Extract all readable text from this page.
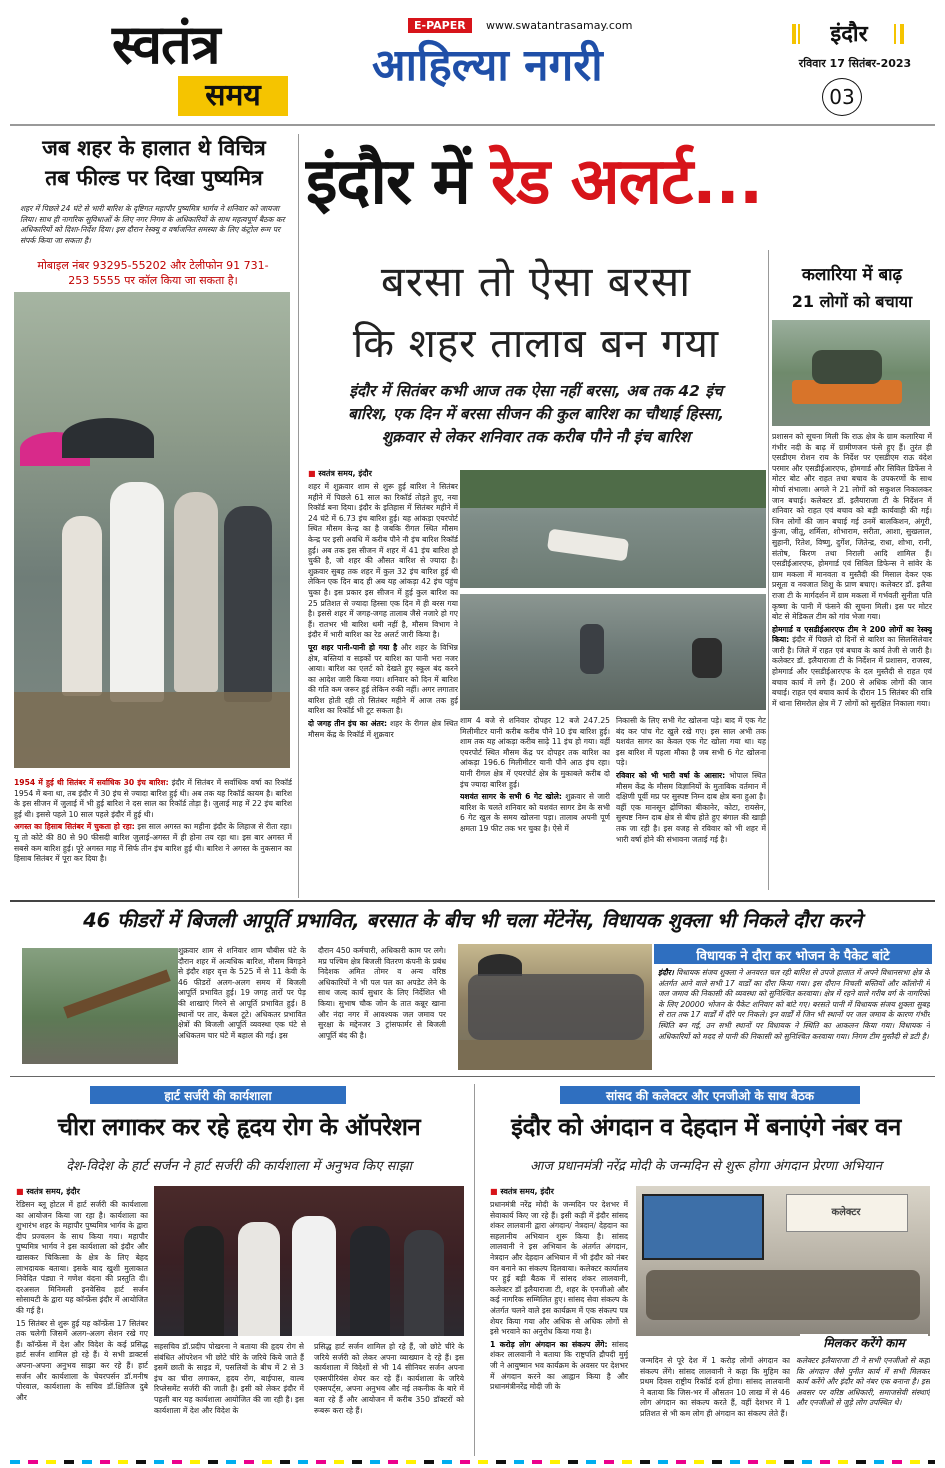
स्वतंत्र
समय
E-PAPER	www.swatantrasamay.com
आहिल्या नगरी
इंदौर
रविवार 17 सितंबर-2023
03
जब शहर के हालात थे विचित्र
तब फील्ड पर दिखा पुष्यमित्र
शहर में पिछले 24 घंटे से भारी बारिश के दृष्टिगत महापौर पुष्यमित्र भार्गव ने शनिवार को जायजा लिया। साथ ही नागरिक सुविधाओं के लिए नगर निगम के अधिकारियों के साथ महत्वपूर्ण बैठक कर अधिकारियों को दिशा-निर्देश दिया। इस दौरान रेस्क्यू व वर्षाजनित समस्या के लिए कंट्रोल रूम पर संपर्क किया जा सकता है।
मोबाइल नंबर 93295-55202 और टेलीफोन 91 731-253 5555 पर कॉल किया जा सकता है।

1954 में हुई थी सितंबर में सर्वाधिक 30 इंच बारिश: इंदौर में सितंबर में सर्वाधिक वर्षा का रिकॉर्ड 1954 में बना था, तब इंदौर में 30 इंच से ज्यादा बारिश हुई थी। अब तक यह रिकॉर्ड कायम है। बारिश के इस सीजन में जुलाई में भी हुई बारिश ने दस साल का रिकॉर्ड तोड़ा है। जुलाई माह में 22 इंच बारिश हुई थी। इससे पहले 10 साल पहले इंदौर में हुई थी।

अगस्त का हिसाब सितंबर में चुकता हो रहा: इस साल अगस्त का महीना इंदौर के लिहाज से रीता रहा। यू तो कोटे की 80 से 90 फीसदी बारिश जुलाई-अगस्त में ही होना तय रहा था। इस बार अगस्त में सबसे कम बारिश हुई। पूरे अगस्त माह में सिर्फ तीन इंच बारिश हुई थी। बारिश ने अगस्त के नुकसान का हिसाब सितंबर में पूरा कर दिया है।

इंदौर में रेड अलर्ट...
बरसा तो ऐसा बरसा
कि शहर तालाब बन गया
इंदौर में सितंबर कभी आज तक ऐसा नहीं बरसा, अब तक 42 इंच
बारिश, एक दिन में बरसा सीजन की कुल बारिश का चौथाई हिस्सा,
शुक्रवार से लेकर शनिवार तक करीब पौने नौ इंच बारिश
■ स्वतंत्र समय, इंदौर

शहर में शुक्रवार शाम से शुरू हुई बारिश ने सितंबर महीने में पिछले 61 साल का रिकॉर्ड तोड़ते हुए, नया रिकॉर्ड बना दिया। इंदौर के इतिहास में सितंबर महीने में 24 घंटे में 6.73 इंच बारिश हुई। यह आंकड़ा एयरपोर्ट स्थित मौसम केन्द्र का है जबकि रीगल स्थित मौसम केन्द्र पर इसी अवधि में करीब पौने नौ इंच बारिश रिकॉर्ड हुई। अब तक इस सीजन में शहर में 41 इंच बारिश हो चुकी है, जो शहर की औसत बारिश से ज्यादा है। शुक्रवार सुबह तक शहर में कुल 32 इंच बारिश हुई थी लेकिन एक दिन बाद ही अब यह आंकड़ा 42 इंच पहुंच चुका है। इस प्रकार इस सीजन में हुई कुल बारिश का 25 प्रतिशत से ज्यादा हिस्सा एक दिन में ही बरस गया है। इससे शहर में जगह-जगह तालाब जैसे नजारे हो गए हैं। रातभर भी बारिश थमी नहीं है, मौसम विभाग ने इंदौर में भारी बारिश का रेड अलर्ट जारी किया है।

पूरा शहर पानी-पानी हो गया है और शहर के विभिन्न क्षेत्र, बस्तियां व सड़कों पर बारिश का पानी भरा नजर आया। बारिश का एलर्ट को देखते हुए स्कूल बंद करने का आदेश जारी किया गया। शनिवार को दिन में बारिश की गति कम जरूर हुई लेकिन रुकी नहीं। अगर लगातार बारिश होती रही तो सितंबर महीने में आज तक हुई बारिश का रिकॉर्ड भी टूट सकता है।

दो जगह तीन इंच का अंतर: शहर के रीगल क्षेत्र स्थित मौसम केंद्र के रिकॉर्ड में शुक्रवार

शाम 4 बजे से शनिवार दोपहर 12 बजे 247.25 मिलीमीटर यानी करीब करीब पौने 10 इंच बारिश हुई। शाम तक यह आंकड़ा करीब साढ़े 11 इंच हो गया। वहीं एयरपोर्ट स्थित मौसम केंद्र पर दोपहर तक बारिश का आंकड़ा 196.6 मिलीमीटर यानी पौने आठ इंच रहा। यानी रीगल क्षेत्र में एयरपोर्ट क्षेत्र के मुकाबले करीब दो इंच ज्यादा बारिश हुई।

यशवंत सागर के सभी 6 गेट खोले: शुक्रवार से जारी बारिश के चलते शनिवार को यशवंत सागर डेम के सभी 6 गेट खुल के समय खोलना पड़ा। तालाब अपनी पूर्ण क्षमता 19 फीट तक भर चुका है। ऐसे में

निकासी के लिए सभी गेट खोलना पड़े। बाद में एक गेट बंद कर पांच गेट खुले रखे गए। इस साल अभी तक यशवंत सागर का केवल एक गेट खोला गया था। यह इस बारिश में पहला मौका है जब सभी 6 गेट खोलना पड़े।

रविवार को भी भारी वर्षा के आसार: भोपाल स्थित मौसम केंद्र के मौसम विज्ञानियों के मुताबिक वर्तमान में दक्षिणी पूर्वी मप्र पर सुस्पष्ट निम्न दाब क्षेत्र बना हुआ है। वहीं एक मानसून द्रोणिका बीकानेर, कोटा, रायसेन, सुस्पष्ट निम्न दाब क्षेत्र से बीच होते हुए बंगाल की खाड़ी तक जा रही है। इस वजह से रविवार को भी शहर में भारी वर्षा होने की संभावना जताई गई है।

कलारिया में बाढ़
21 लोगों को बचाया

प्रशासन को सूचना मिली कि राऊ क्षेत्र के ग्राम कलारिया में गंभीर नदी के बाढ़ में ग्रामीणजन फंसे हुए हैं। तुरंत ही एसडीएम रोशन राय के निर्देश पर एसडीएम राऊ वंदेश परमार और एसडीईआरएफ, होमगार्ड और सिविल डिफेंस ने मोटर बोट और राहत तथा बचाव के उपकरणों के साथ मोर्चा संभाला। अगले ने 21 लोगों को सकुशल निकालकर जान बचाई। कलेक्टर डॉ. इलैयाराजा टी के निर्देशन में शनिवार को राहत एवं बचाव को बड़ी कार्यवाही की गई। जिन लोगों की जान बचाई गई उनमें बालकिशन, अंगूरी, कुंजा, जीतू, शर्मिला, शोभाराम, सरीता, आशा, सुखलाल, सुहानी, रितेश, विष्णु, दुर्गेश, जितेन्द्र, राधा, शोभा, रानी, संतोष, किरण तथा निराली आदि शामिल हैं। एसडीईआरएफ, होमगार्ड एवं सिविल डिफेन्स ने सांवेर के ग्राम मकला में मानवता व मुस्तैदी की मिसाल देकर एक प्रसूता व नवजात शिशु के प्राण बचाए। कलेक्टर डॉ. इलैया राजा टी के मार्गदर्शन में ग्राम मकला में गर्भवती सुनीता पति कृष्णा के पानी में फंसने की सूचना मिली। इस पर मोटर बोट से मेडिकल टीम को गांव भेजा गया।

होमगार्ड व एसडीईआरएफ टीम ने 200 लोगों का रेस्क्यू किया: इंदौर में पिछले दो दिनों से बारिश का सिलसिलेवार जारी है। जिले में राहत एवं बचाव के कार्य तेजी से जारी है। कलेक्टर डॉ. इलैयाराजा टी के निर्देशन में प्रशासन, राजस्व, होमगार्ड और एसडीईआरएफ के दल मुस्तैदी से राहत एवं बचाव कार्य में लगे हैं। 200 से अधिक लोगों की जान बचाई। राहत एवं बचाव कार्य के दौरान 15 सितंबर की रात्रि में थाना सिमरोल क्षेत्र में 7 लोगों को सुरक्षित निकाला गया।

46 फीडरों में बिजली आपूर्ति प्रभावित, बरसात के बीच भी चला मेंटेनेंस, विधायक शुक्ला भी निकले दौरा करने
शुक्रवार शाम से शनिवार शाम चौबीस घंटे के दौरान शहर में अत्यधिक बारिश, मौसम बिगड़ने से इंदौर शहर वृत्त के 525 में से 11 केवी के 46 फीडरों अलग-अलग समय में बिजली आपूर्ति प्रभावित हुई। 19 जगह तारों पर पेड़ की शाखाएं गिरने से आपूर्ति प्रभावित हुई। 8 स्थानों पर तार, केबल टूटे। अधिकतर प्रभावित क्षेत्रों की बिजली आपूर्ति व्यवस्था एक घंटे से अधिकतम चार घंटे में बहाल की गई। इस
दौरान 450 कर्मचारी, अधिकारी काम पर लगे। मप्र पश्चिम क्षेत्र बिजली वितरण कंपनी के प्रबंध निदेशक अमित तोमर व अन्य वरिष्ठ अधिकारियों ने भी पल पल का अपडेट लेने के साथ जल्द कार्य सुधार के लिए निर्देशित भी किया। सुभाष चौक जोन के तात कन्नूर खाना और नंदा नगर में आवश्यक जल जमाव पर सुरक्षा के मद्देनजर 3 ट्रांसफार्मर से बिजली आपूर्ति बंद की है।
विधायक ने दौरा कर भोजन के पैकेट बांटे
इंदौर। विधायक संजय शुक्ला ने अनवरत चल रही बारिश से उपजे हालात में अपने विधानसभा क्षेत्र के अंतर्गत आने वाले सभी 17 वार्डों का दौरा किया गया। इस दौरान निचली बस्तियों और कॉलोनी में जल जमाव की निकासी की व्यवस्था को सुनिश्चित करवाया। क्षेत्र में रहने वाले गरीब वर्ग के नागरिकों के लिए 20000 भोजन के पैकेट शनिवार को बांटे गए। बरसते पानी में विधायक संजय शुक्ला सुबह से रात तक 17 वार्डों में दौरे पर निकले। इन वार्डों में जिन भी स्थानों पर जल जमाव के कारण गंभीर स्थिति बन गई, उन सभी स्थानों पर विधायक ने स्थिति का आकलन किया गया। विधायक ने अधिकारियों को मदद से पानी की निकासी को सुनिश्चित करवाया गया। निगम टीम मुस्तैदी से डटी है।
हार्ट सर्जरी की कार्यशाला
चीरा लगाकर कर रहे हृदय रोग के ऑपरेशन
देश-विदेश के हार्ट सर्जन ने हार्ट सर्जरी की कार्यशाला में अनुभव किए साझा
■ स्वतंत्र समय, इंदौर

रेडिसन ब्लू होटल में हार्ट सर्जरी की कार्यशाला का आयोजन किया जा रहा है। कार्यशाला का शुभारंभ शहर के महापौर पुष्यमित्र भार्गव के द्वारा दीप प्रज्वलन के साथ किया गया। महापौर पुष्यमित्र भार्गव ने इस कार्यशाला को इंदौर और खासकर चिकित्सा के क्षेत्र के लिए बेहद लाभदायक बताया। इसके बाद खुशी मुलाकात निवेदित पंड्या ने गणेश वंदना की प्रस्तुति दी। दरअसल मिनिमली इनवेसिव हार्ट सर्जन सोसायटी के द्वारा यह कॉन्फ्रेंस इंदौर में आयोजित की गई है।

15 सितंबर से शुरू हुई यह कॉन्फ्रेंस 17 सितंबर तक चलेगी जिसमें अलग-अलग सेशन रखे गए हैं। कॉन्फ्रेंस में देश और विदेश के कई प्रसिद्ध हार्ट सर्जन शामिल हो रहे हैं। ये सभी डाक्टर्स अपना-अपना अनुभव साझा कर रहे हैं। हार्ट सर्जन और कार्यशाला के चेयरपर्सन डॉ.मनीष पोरवाल, कार्यशाला के सचिव डॉ.क्षितिज दुबे और

सहसचिव डॉ.प्रदीप पोखरना ने बताया की हृदय रोग से संबंधित ऑपरेशन भी छोटे चीरे के जरिये किये जाते हैं इसमें छाती के साइड में, पसलियों के बीच में 2 से 3 इंच का चीरा लगाकर, हृदय रोग, बाईपास, वाल्व रिप्लेसमेंट सर्जरी की जाती है। इसी को लेकर इंदौर में पहली बार यह कार्यशाला आयोजित की जा रही है। इस कार्यशाला में देश और विदेश के
प्रसिद्ध हार्ट सर्जन शामिल हो रहे हैं, जो छोटे चीरे के जरिये सर्जरी को लेकर अपना व्याख्यान दे रहे हैं। इस कार्यशाला में विदेशों से भी 14 सीनियर सर्जन अपना एक्सपीरियंस शेयर कर रहे हैं। कार्यशाला के जरिये एक्सपर्ट्स, अपना अनुभव और नई तकनीक के बारे में बता रहे हैं और आयोजन में करीब 350 डॉक्टरों को रूबरू करा रहे हैं।
सांसद की कलेक्टर और एनजीओ के साथ बैठक
इंदौर को अंगदान व देहदान में बनाएंगे नंबर वन
आज प्रधानमंत्री नरेंद्र मोदी के जन्मदिन से शुरू होगा अंगदान प्रेरणा अभियान
■ स्वतंत्र समय, इंदौर

प्रधानमंत्री नरेंद्र मोदी के जन्मदिन पर देशभर में सेवाकार्य किए जा रहे हैं। इसी कड़ी में इंदौर सांसद शंकर लालवानी द्वारा अंगदान/ नेत्रदान/ देहदान का सहलानीय अभियान शुरू किया है। सांसद लालवानी ने इस अभियान के अंतर्गत अंगदान, नेत्रदान और देहदान अभियान में भी इंदौर को नंबर वन बनाने का संकल्प दिलवाया। कलेक्टर कार्यालय पर हुई बड़ी बैठक में सांसद शंकर लालवानी, कलेक्टर डॉ इलैयाराजा टी, शहर के एनजीओ और कई नागरिक सम्मिलित हुए। सांसद सेवा संकल्प के अंतर्गत चलने वाले इस कार्यक्रम में एक संकल्प पत्र शेयर किया गया और अधिक से अधिक लोगों से इसे भरवाने का अनुरोध किया गया है।

1 करोड़ लोग अंगदान का संकल्प लेंगे: सांसद शंकर लालवानी ने बताया कि राष्ट्रपति द्रौपदी मुर्मू जी ने आयुष्मान भव कार्यक्रम के अवसर पर देशभर में अंगदान करने का आह्वान किया है और प्रधानमंत्रीनरेंद्र मोदी जी के

कलेक्टर
मिलकर करेंगे काम
जन्मदिन से पूरे देश में 1 करोड़ लोगों अंगदान का संकल्प लेंगे। सांसद लालवानी ने कहा कि मुहिम का प्रथम दिवस राष्ट्रीय रिकॉर्ड दर्ज होगा। सांसद लालवानी ने बताया कि जिस-भर में औसतन 10 लाख में से 46 लोग अंगदान का संकल्प करते हैं, वहीं देशभर में 1 प्रतिशत से भी कम लोग ही अंगदान का संकल्प लेते हैं।
कलेक्टर इलैयाराजा टी ने सभी एनजीओ से कहा कि अंगदान जैसे पुनीत कार्य में सभी मिलकर कार्य करेंगे और इंदौर को नंबर एक बनाना है। इस अवसर पर वरिष्ठ अधिकारी, समाजसेवी संस्थाएं और एनजीओ से जुड़े लोग उपस्थित थे।
